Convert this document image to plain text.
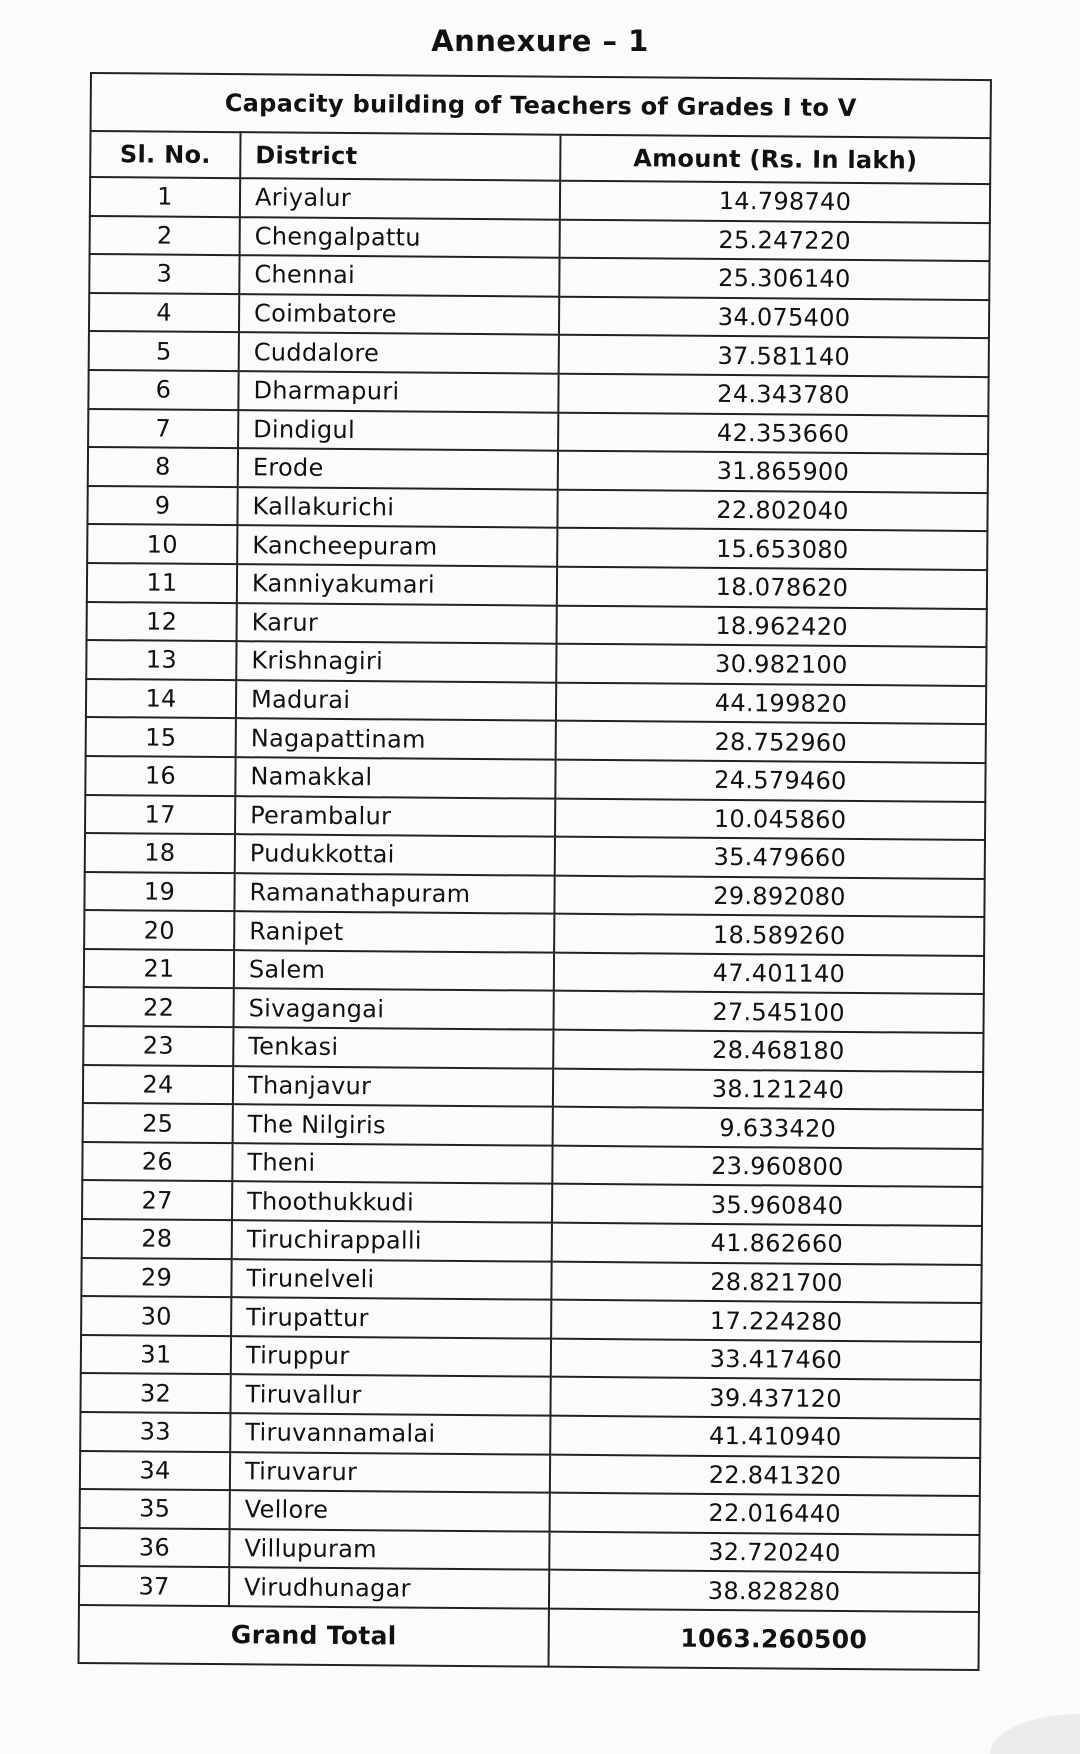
Annexure – 1
Capacity building of Teachers of Grades I to V		
Sl. No.	District	Amount (Rs. In lakh)
1	Ariyalur	14.798740
2	Chengalpattu	25.247220
3	Chennai	25.306140
4	Coimbatore	34.075400
5	Cuddalore	37.581140
6	Dharmapuri	24.343780
7	Dindigul	42.353660
8	Erode	31.865900
9	Kallakurichi	22.802040
10	Kancheepuram	15.653080
11	Kanniyakumari	18.078620
12	Karur	18.962420
13	Krishnagiri	30.982100
14	Madurai	44.199820
15	Nagapattinam	28.752960
16	Namakkal	24.579460
17	Perambalur	10.045860
18	Pudukkottai	35.479660
19	Ramanathapuram	29.892080
20	Ranipet	18.589260
21	Salem	47.401140
22	Sivagangai	27.545100
23	Tenkasi	28.468180
24	Thanjavur	38.121240
25	The Nilgiris	9.633420
26	Theni	23.960800
27	Thoothukkudi	35.960840
28	Tiruchirappalli	41.862660
29	Tirunelveli	28.821700
30	Tirupattur	17.224280
31	Tiruppur	33.417460
32	Tiruvallur	39.437120
33	Tiruvannamalai	41.410940
34	Tiruvarur	22.841320
35	Vellore	22.016440
36	Villupuram	32.720240
37	Virudhunagar	38.828280
Grand Total		1063.260500
